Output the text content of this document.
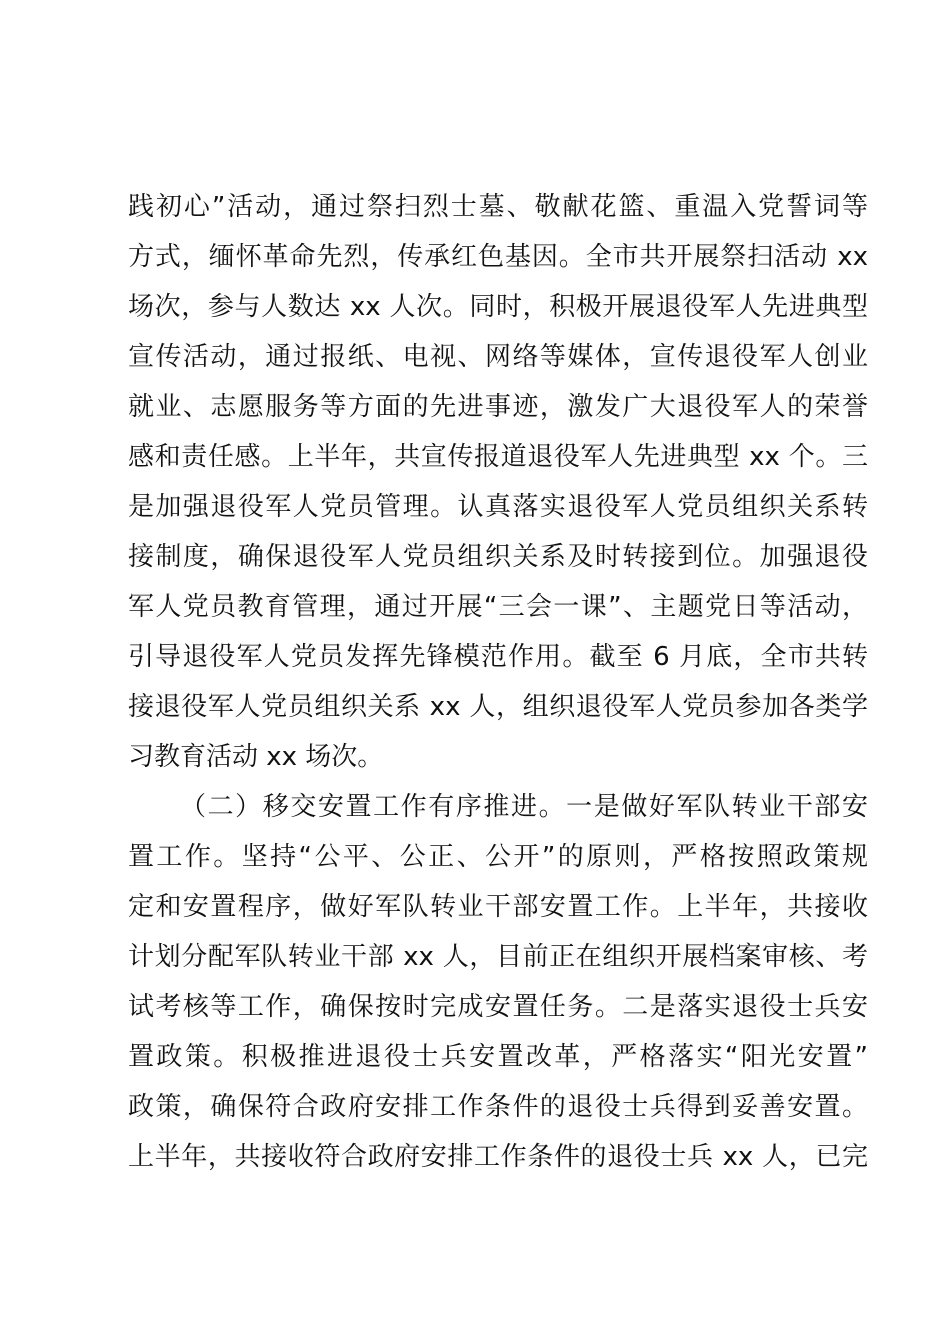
践初心”活动，通过祭扫烈士墓、敬献花篮、重温入党誓词等
方式，缅怀革命先烈，传承红色基因。全市共开展祭扫活动 xx
场次，参与人数达 xx 人次。同时，积极开展退役军人先进典型
宣传活动，通过报纸、电视、网络等媒体，宣传退役军人创业
就业、志愿服务等方面的先进事迹，激发广大退役军人的荣誉
感和责任感。上半年，共宣传报道退役军人先进典型 xx 个。三
是加强退役军人党员管理。认真落实退役军人党员组织关系转
接制度，确保退役军人党员组织关系及时转接到位。加强退役
军人党员教育管理，通过开展“三会一课”、主题党日等活动，
引导退役军人党员发挥先锋模范作用。截至 6 月底，全市共转
接退役军人党员组织关系 xx 人，组织退役军人党员参加各类学
习教育活动 xx 场次。
（二）移交安置工作有序推进。一是做好军队转业干部安
置工作。坚持“公平、公正、公开”的原则，严格按照政策规
定和安置程序，做好军队转业干部安置工作。上半年，共接收
计划分配军队转业干部 xx 人，目前正在组织开展档案审核、考
试考核等工作，确保按时完成安置任务。二是落实退役士兵安
置政策。积极推进退役士兵安置改革，严格落实“阳光安置”
政策，确保符合政府安排工作条件的退役士兵得到妥善安置。
上半年，共接收符合政府安排工作条件的退役士兵 xx 人，已完
